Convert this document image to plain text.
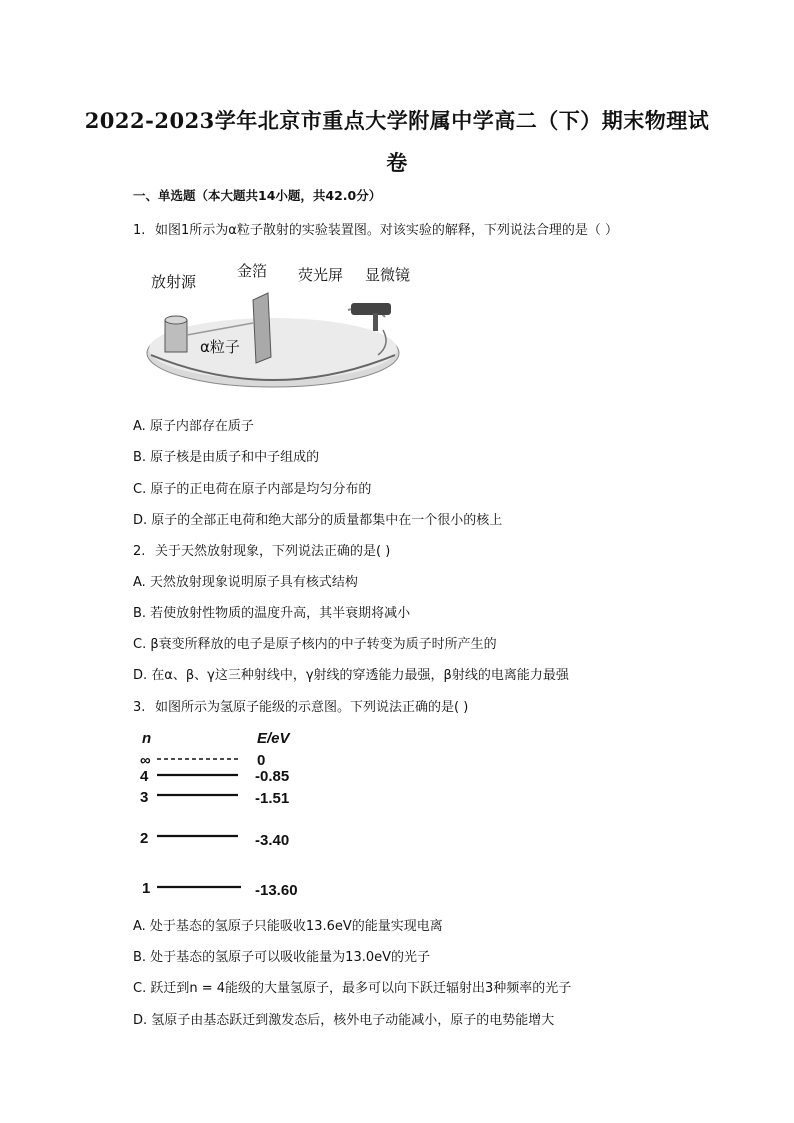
2022-2023学年北京市重点大学附属中学高二（下）期末物理试
卷
一、单选题（本大题共14小题，共42.0分）
1. 如图1所示为α粒子散射的实验装置图。对该实验的解释，下列说法合理的是（ ）
放射源
金箔 荧光屏 显微镜
α粒子
A. 原子内部存在质子
B. 原子核是由质子和中子组成的
C. 原子的正电荷在原子内部是均匀分布的
D. 原子的全部正电荷和绝大部分的质量都集中在一个很小的核上
2. 关于天然放射现象，下列说法正确的是( )
A. 天然放射现象说明原子具有核式结构
B. 若使放射性物质的温度升高，其半衰期将减小
C. β衰变所释放的电子是原子核内的中子转变为质子时所产生的
D. 在α、β、γ这三种射线中，γ射线的穿透能力最强，β射线的电离能力最强
3. 如图所示为氢原子能级的示意图。下列说法正确的是( )
n	E/eV
∞	0
4	-0.85
3	-1.51
2	-3.40
1	-13.60
A. 处于基态的氢原子只能吸收13.6eV的能量实现电离
B. 处于基态的氢原子可以吸收能量为13.0eV的光子
C. 跃迁到n = 4能级的大量氢原子，最多可以向下跃迁辐射出3种频率的光子
D. 氢原子由基态跃迁到激发态后，核外电子动能减小，原子的电势能增大
